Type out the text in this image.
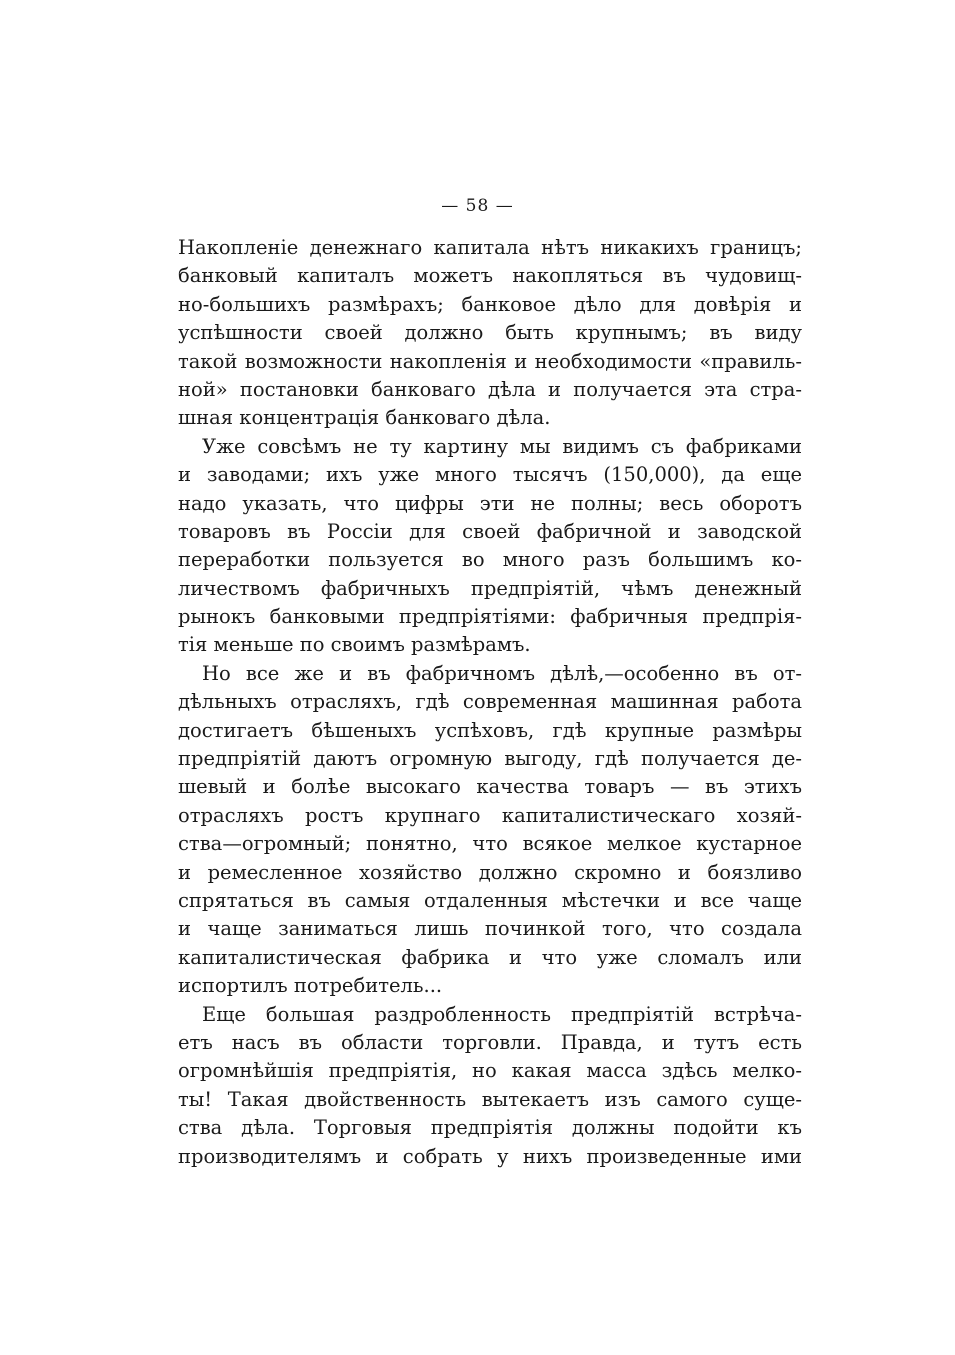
— 58 —
Накопленіе денежнаго капитала нѣтъ никакихъ границъ;
банковый капиталъ можетъ накопляться въ чудовищ-
но-большихъ размѣрахъ; банковое дѣло для довѣрія и
успѣшности своей должно быть крупнымъ; въ виду
такой возможности накопленія и необходимости «правиль-
ной» постановки банковаго дѣла и получается эта стра-
шная концентрація банковаго дѣла.
Уже совсѣмъ не ту картину мы видимъ съ фабриками
и заводами; ихъ уже много тысячъ (150,000), да еще
надо указать, что цифры эти не полны; весь оборотъ
товаровъ въ Россіи для своей фабричной и заводской
переработки пользуется во много разъ большимъ ко-
личествомъ фабричныхъ предпріятій, чѣмъ денежный
рынокъ банковыми предпріятіями: фабричныя предпрія-
тія меньше по своимъ размѣрамъ.
Но все же и въ фабричномъ дѣлѣ,—особенно въ от-
дѣльныхъ отрасляхъ, гдѣ современная машинная работа
достигаетъ бѣшеныхъ успѣховъ, гдѣ крупные размѣры
предпріятій даютъ огромную выгоду, гдѣ получается де-
шевый и болѣе высокаго качества товаръ — въ этихъ
отрасляхъ ростъ крупнаго капиталистическаго хозяй-
ства—огромный; понятно, что всякое мелкое кустарное
и ремесленное хозяйство должно скромно и боязливо
спрятаться въ самыя отдаленныя мѣстечки и все чаще
и чаще заниматься лишь починкой того, что создала
капиталистическая фабрика и что уже сломалъ или
испортилъ потребитель...
Еще большая раздробленность предпріятій встрѣча-
етъ насъ въ области торговли. Правда, и тутъ есть
огромнѣйшія предпріятія, но какая масса здѣсь мелко-
ты! Такая двойственность вытекаетъ изъ самого суще-
ства дѣла. Торговыя предпріятія должны подойти къ
производителямъ и собрать у нихъ произведенные ими
